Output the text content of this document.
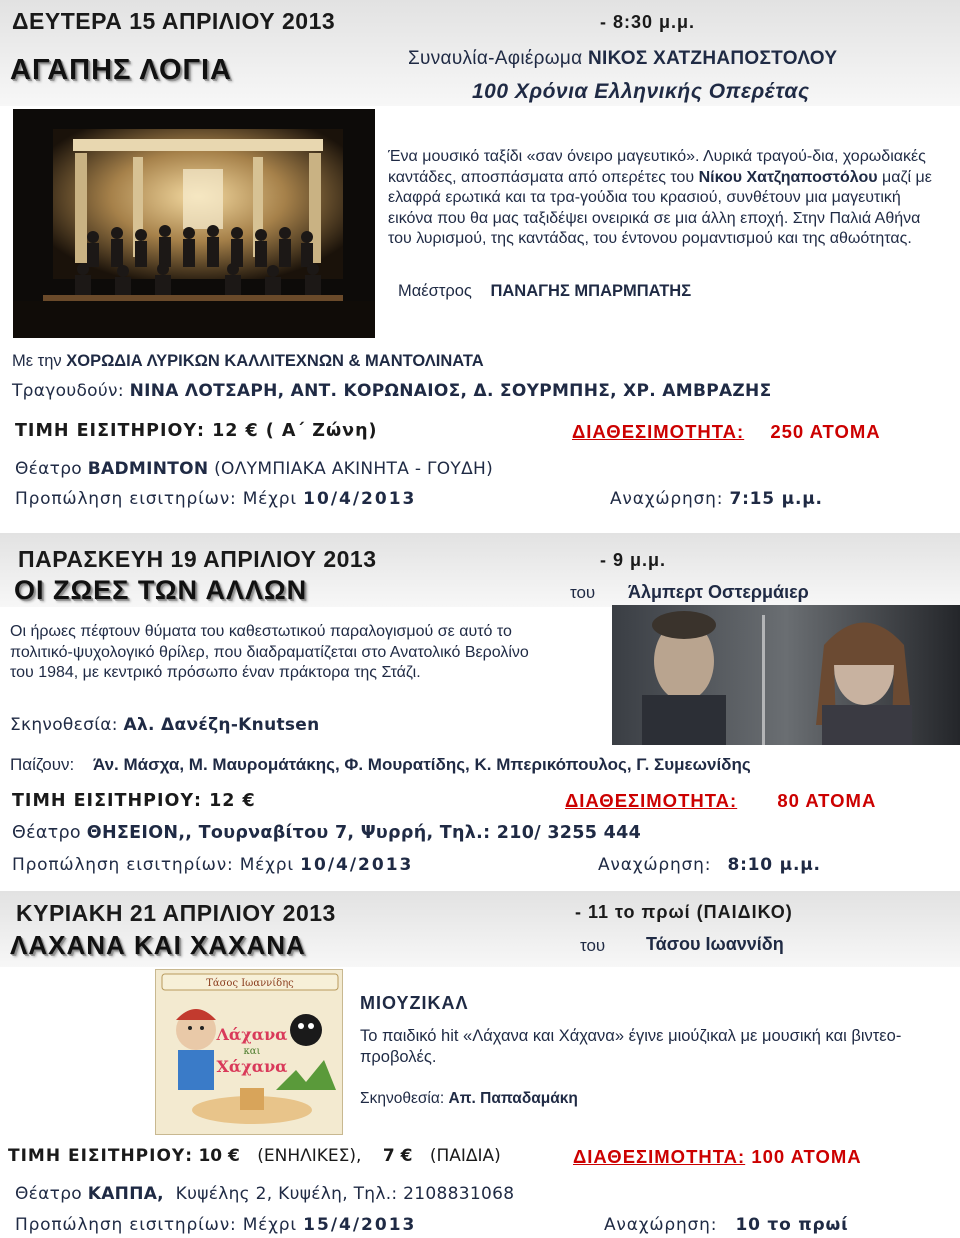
ΔΕΥΤΕΡΑ 15 ΑΠΡΙΛΙΟΥ 2013	- 8:30 μ.μ.
ΑΓΑΠΗΣ ΛΟΓΙΑ	Συναυλία-Αφιέρωμα ΝΙΚΟΣ ΧΑΤΖΗΑΠΟΣΤΟΛΟΥ
100 Χρόνια Ελληνικής Οπερέτας
Ένα μουσικό ταξίδι «σαν όνειρο μαγευτικό». Λυρικά τραγού-δια, χορωδιακές καντάδες, αποσπάσματα από οπερέτες του Νίκου Χατζηαποστόλου μαζί με ελαφρά ερωτικά και τα τρα-γούδια του κρασιού, συνθέτουν μια μαγευτική εικόνα που θα μας ταξιδέψει ονειρικά σε μια άλλη εποχή. Στην Παλιά Αθήνα του λυρισμού, της καντάδας, του έντονου ρομαντισμού και της αθωότητας.
Μαέστρος ΠΑΝΑΓΗΣ ΜΠΑΡΜΠΑΤΗΣ
Με την ΧΟΡΩΔΙΑ ΛΥΡΙΚΩΝ ΚΑΛΛΙΤΕΧΝΩΝ & ΜΑΝΤΟΛΙΝΑΤΑ
Τραγουδούν: ΝΙΝΑ ΛΟΤΣΑΡΗ, ΑΝΤ. ΚΟΡΩΝΑΙΟΣ, Δ. ΣΟΥΡΜΠΗΣ, ΧΡ. ΑΜΒΡΑΖΗΣ
ΤΙΜΗ ΕΙΣΙΤΗΡΙΟΥ: 12 € ( Α΄ Ζώνη)	ΔΙΑΘΕΣΙΜΟΤΗΤΑ: 250 ΑΤΟΜΑ
Θέατρο BADMINTON (ΟΛΥΜΠΙΑΚΑ ΑΚΙΝΗΤΑ - ΓΟΥΔΗ)
Προπώληση εισιτηρίων: Μέχρι 10/4/2013	Αναχώρηση: 7:15 μ.μ.
ΠΑΡΑΣΚΕΥΗ 19 ΑΠΡΙΛΙΟΥ 2013	- 9 μ.μ.
ΟΙ ΖΩΕΣ ΤΩΝ ΑΛΛΩΝ	του Άλμπερτ Οστερμάιερ
Οι ήρωες πέφτουν θύματα του καθεστωτικού παραλογισμού σε αυτό το πολιτικό-ψυχολογικό θρίλερ, που διαδραματίζεται στο Ανατολικό Βερολίνο του 1984, με κεντρικό πρόσωπο έναν πράκτορα της Στάζι.
Σκηνοθεσία: Αλ. Δανέζη-Knutsen
Παίζουν: Άν. Μάσχα, Μ. Μαυρομάτάκης, Φ. Μουρατίδης, Κ. Μπερικόπουλος, Γ. Συμεωνίδης
ΤΙΜΗ ΕΙΣΙΤΗΡΙΟΥ: 12 €	ΔΙΑΘΕΣΙΜΟΤΗΤΑ: 80 ΑΤΟΜΑ
Θέατρο ΘΗΣΕΙΟΝ,, Τουρναβίτου 7, Ψυρρή, Τηλ.: 210/ 3255 444
Προπώληση εισιτηρίων: Μέχρι 10/4/2013	Αναχώρηση: 8:10 μ.μ.
ΚΥΡΙΑΚΗ 21 ΑΠΡΙΛΙΟΥ 2013	- 11 το πρωί (ΠΑΙΔΙΚΟ)
ΛΑΧΑΝΑ ΚΑΙ ΧΑΧΑΝΑ	του Τάσου Ιωαννίδη
Τάσος Ιωαννίδης
Λάχανα
και
Χάχανα
ΜΙΟΥΖΙΚΑΛ
Το παιδικό hit «Λάχανα και Χάχανα» έγινε μιούζικαλ με μουσική και βιντεο-προβολές.
Σκηνοθεσία: Απ. Παπαδαμάκη
ΤΙΜΗ ΕΙΣΙΤΗΡΙΟΥ: 10 € (ΕΝΗΛΙΚΕΣ), 7 € (ΠΑΙΔΙΑ)	ΔΙΑΘΕΣΙΜΟΤΗΤΑ: 100 ΑΤΟΜΑ
Θέατρο ΚΑΠΠΑ, Κυψέλης 2, Κυψέλη, Τηλ.: 2108831068
Προπώληση εισιτηρίων: Μέχρι 15/4/2013	Αναχώρηση: 10 το πρωί
